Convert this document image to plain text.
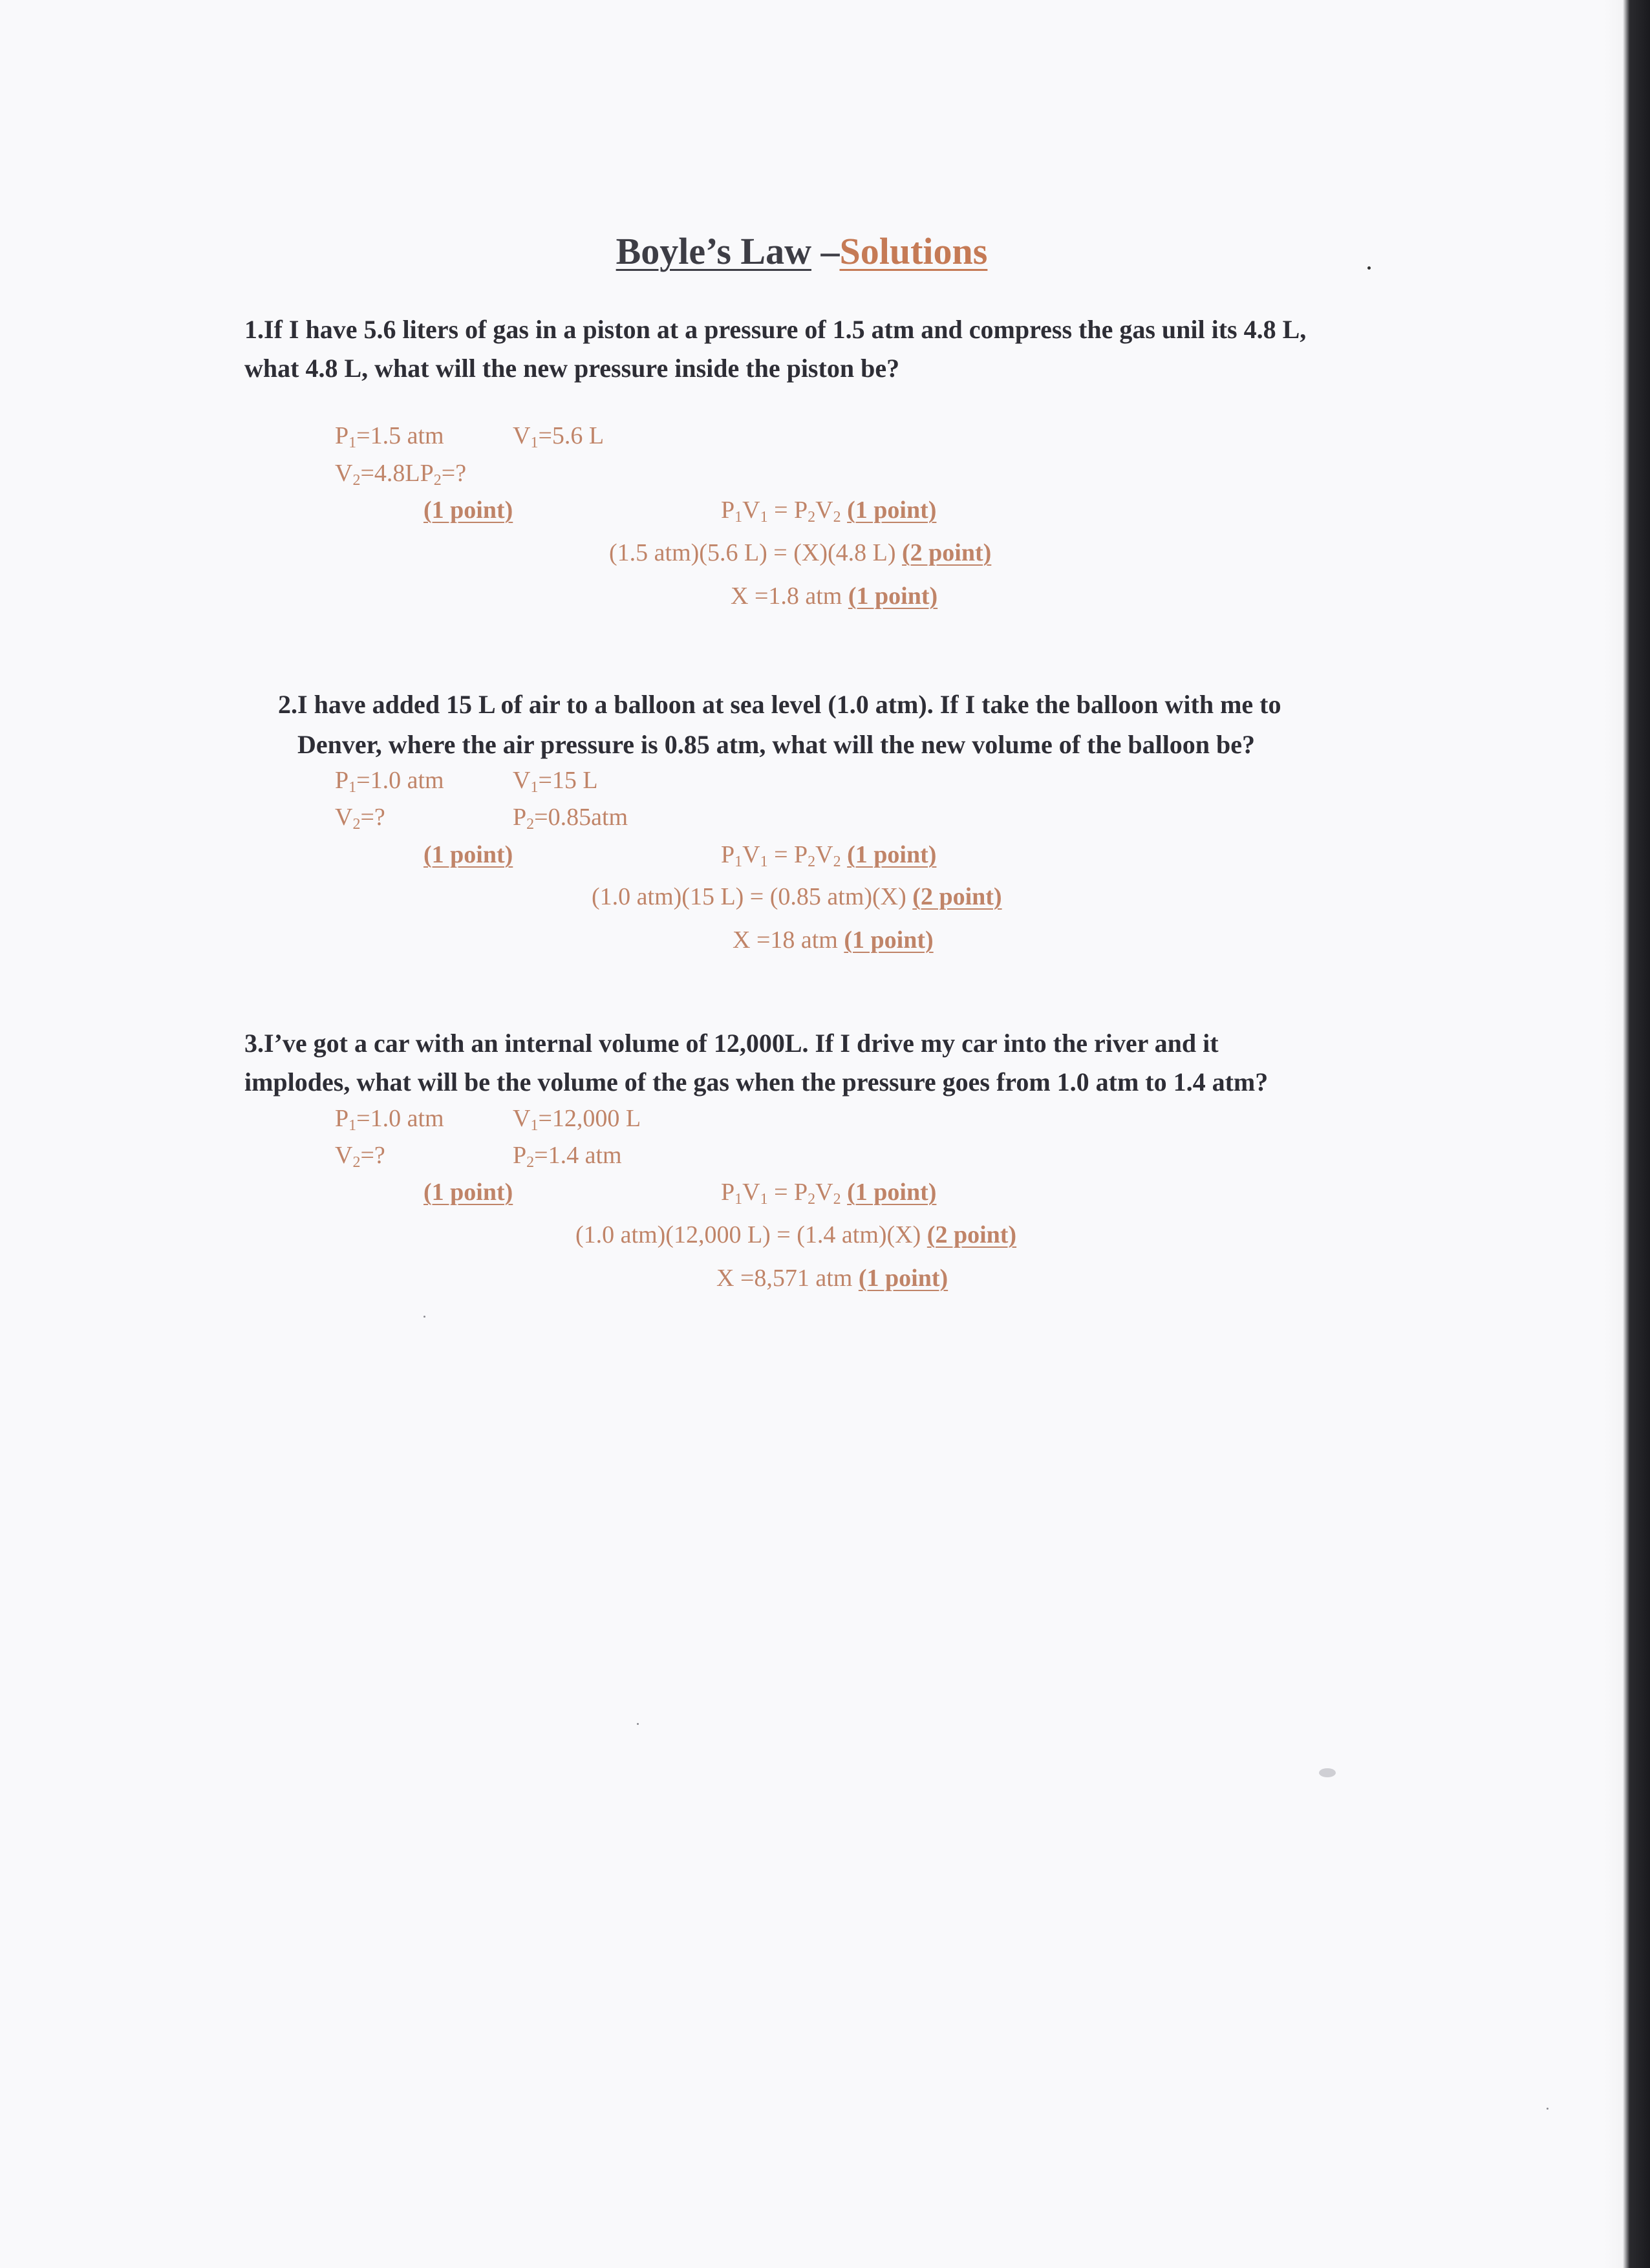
Boyle’s Law –Solutions
1.If I have 5.6 liters of gas in a piston at a pressure of 1.5 atm and compress the gas unil its 4.8 L,
what 4.8 L, what will the new pressure inside the piston be?
$P_1=1.5$ atm	$V_1=5.6$ L
$V_2=4.8LP_2=$?
(1 point)	$P_1V_1 = P_2V_2$ (1 point)
(1.5 atm)(5.6 L) = (X)(4.8 L) (2 point)
X =1.8 atm (1 point)
2.I have added 15 L of air to a balloon at sea level (1.0 atm). If I take the balloon with me to
Denver, where the air pressure is 0.85 atm, what will the new volume of the balloon be?
$P_1=1.0$ atm	$V_1=15$ L
$V_2=$?	$P_2=0.85atm$
(1 point)	$P_1V_1 = P_2V_2$ (1 point)
(1.0 atm)(15 L) = (0.85 atm)(X) (2 point)
X =18 atm (1 point)
3.I’ve got a car with an internal volume of 12,000L. If I drive my car into the river and it
implodes, what will be the volume of the gas when the pressure goes from 1.0 atm to 1.4 atm?
$P_1=1.0$ atm	$V_1=12,000$ L
$V_2=$?	$P_2=1.4$ atm
(1 point)	$P_1V_1 = P_2V_2$ (1 point)
(1.0 atm)(12,000 L) = (1.4 atm)(X) (2 point)
X =8,571 atm (1 point)
